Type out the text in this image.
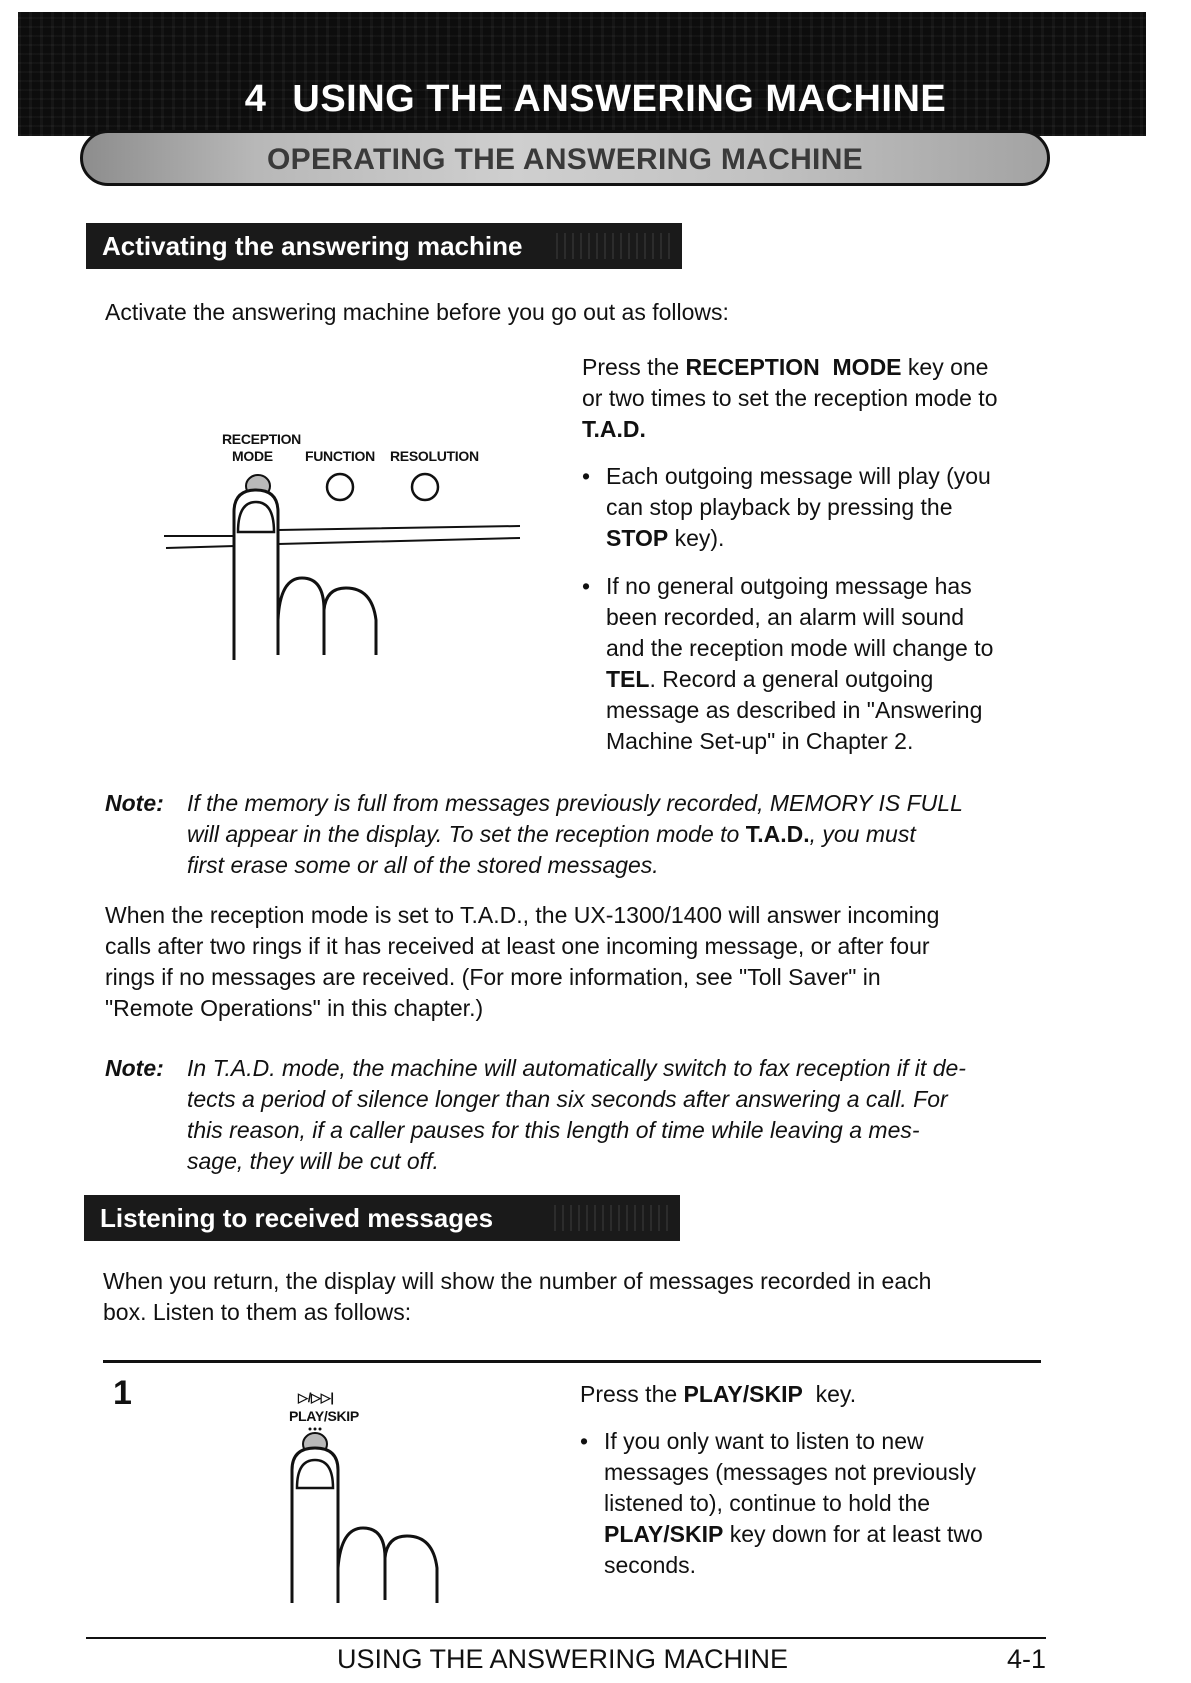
4 USING THE ANSWERING MACHINE
OPERATING THE ANSWERING MACHINE
Activating the answering machine
Activate the answering machine before you go out as follows:
RECEPTION
MODE FUNCTION RESOLUTION
Press the RECEPTION MODE key one
or two times to set the reception mode to
T.A.D.
• Each outgoing message will play (you
can stop playback by pressing the
STOP key).
• If no general outgoing message has
been recorded, an alarm will sound
and the reception mode will change to
TEL. Record a general outgoing
message as described in "Answering
Machine Set-up" in Chapter 2.
Note: If the memory is full from messages previously recorded, MEMORY IS FULL
will appear in the display. To set the reception mode to T.A.D., you must
first erase some or all of the stored messages.
When the reception mode is set to T.A.D., the UX-1300/1400 will answer incoming
calls after two rings if it has received at least one incoming message, or after four
rings if no messages are received. (For more information, see "Toll Saver" in
"Remote Operations" in this chapter.)
Note: In T.A.D. mode, the machine will automatically switch to fax reception if it de-
tects a period of silence longer than six seconds after answering a call. For
this reason, if a caller pauses for this length of time while leaving a mes-
sage, they will be cut off.
Listening to received messages
When you return, the display will show the number of messages recorded in each
box. Listen to them as follows:
1	▷/▷▷|
PLAY/SKIP
Press the PLAY/SKIP  key.
• If you only want to listen to new
messages (messages not previously
listened to), continue to hold the
PLAY/SKIP key down for at least two
seconds.
USING THE ANSWERING MACHINE	4-1
